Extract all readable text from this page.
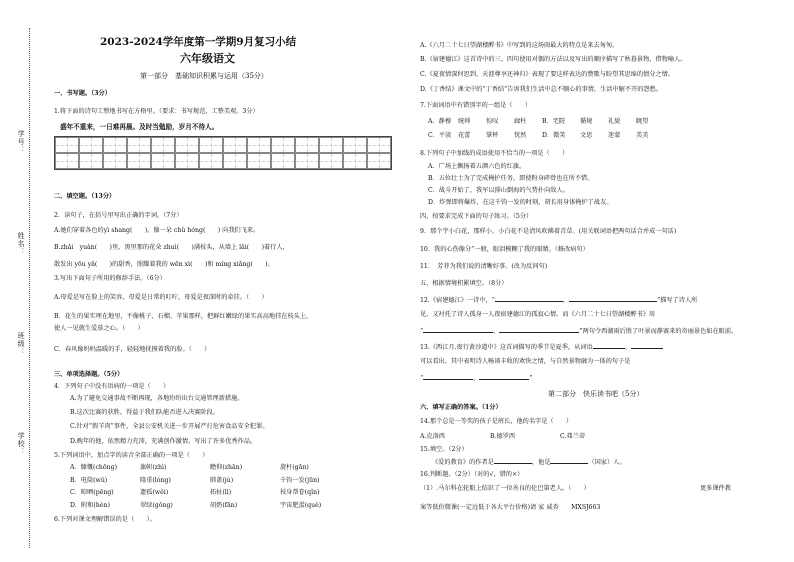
学号：
姓名：
班级：
学校：
2023-2024学年度第一学期9月复习小结
六年级语文
第一部分　基础知识积累与运用（35分）
一、书写题。（3分）
1.将下面的诗句工整地书写在方格里。（要求：书写规范、工整美观。3分）
盛年不重来，一日难再晨。及时当勉励，岁月不待人。
二、填空题。（13分）
2．读句子，在括号里写出正确的字词。（7分）
A.她们穿着各色的yì shang(　　)，像一朵 chǔ hóng(　　) 向我们飞来。
B.zhǎi　yuàn(　　)里，黑里那的花朵 zhuì(　　)满枝头，从墙上 lǎi(　　)着行人，
散发出 yōu yǎ(　　)的甜香，照耀着我的 wēn xì(　　)和 míng xiǎng(　　)。
3.写出下面句子所用的修辞手法。（6分）
A.母爱是写在脸上的笑容，母爱是日常的叮咛，母爱是夜深时的牵挂。（　　）
B．花生的果实埋在地里，不像桃子、石榴、苹果那样，把鲜红嫩绿的果实高高地挂在枝头上，
使人一见就生爱慕之心。（　　）
C．春风像妈妈温暖的手，轻轻地抚摸着我的脸。（　　）
三、单项选择题。（5分）
4．下列句子中没有语病的一项是（　　）
A.为了避免交通事故不断再现，各地纷纷出台交通管理新措施。
B.这次比赛的获胜，得益于我们队能否进入决赛阶段。
C.针对“假羊肉”事件，全县公安机关进一步开展严打危害食品安全犯罪。
D.晚年的他，依然精力充沛，充满创作激情，写出了许多优秀作品。
5.下列词语中，加点字的读音全部正确的一项是（　　）
A．慷慨(chōng)	旗帜(zhì)	瞻仰(zhān)	旋杆(gān)
B．电筒(wǔ)	隆重(lóng)	肺盖(jù)	千钧一发(jūn)
C．晾晒(pēng)	遗孤(wěi)	拓扯(lì)	枝身帮眷(qǐn)
D．附和(hèn)	翠绿(gǒng)	胡奶(fān)	宇宙肥蛋(què)
6.下列对课文理解错误的是（　　）。
A.《六月二十七日望湖楼醉书》中写到的这场雨最大的特点是来去匆匆。
B.《宿建德江》这首诗中的三、四句使用对偶的方法以及写出的顺序描写了秋暮景物，借物喻人。
C.《夏夜情深何思到，天涯尊享还神归》表现了要这样表达的赞歌与盼望其思绵的情分之情。
D.《丁香结》课文中的“丁香结”告诉我们生活中总不顺心的事情，生活中解不开的怨愁。
7.下面词语中有错别字的一组是（　　）
A．静穆 统帅	惊叹	廊柱	B．宅院 循规	礼貌	眺望
C．平淡 花蕾	掌杯	恍然	D．微笑 文思	迷蒙	美美
8.下列句子中加线的成语使用不恰当的一项是（　　）
A．广场上飘扬着五颜六色的红旗。
B．五位壮士为了完成掩护任务，即使粉身碎骨也在所不惜。
C．战斗开始了，我军以排山倒海的气势扑向敌人。
D．炸弹即将爆炸，在这千钧一发的时刻，胡长用身体掩护了战友。
四、按要求完成下面的句子练习。（5分）
9．那个宇小白花，那样小，小白花不是清风吹拂着青草。(用关联词语把两句话合并成一句话)
10．我的心伤像分“一般，眼泪模糊了我的眼睛。（修改病句）
11．　芳菲为我们说的清晰好事。(改为反问句)
五、根据情境积累填空。（8分）
12.《宿建德江》一诗中，“	，	”描写了诗人所
见，又衬托了诗人孤身一人夜宿建德江的孤寂心情。而《六月二十七日望湖楼醉书》用
“	，	”两句令西湖雨后胜了叶景而静赛来的奇丽景色如在眼前。
13.《西江月.夜行黄沙道中》这首词描写的季节是夏季，从词语	、
可以看出，其中表明诗人畅谈丰收的欢快之情，与自然景物融为一体的句子是
“	，	”
第二部分　快乐读书吧（5分）
六、填写正确的答案。（1分）
14.那个总是一等奖的孩子是班长，他的名字是（　　）
A.克洛西	B.德罗西	C.弗兰蒂
15.填空。（2分）
《爱的教育》的作者是	，他是	（国家）人。
16.判断题。（2分）（对的√，错的×）
（1）.马尔科在轮船上结识了一位善良的伦巴第老人。（　　）	更多课件教
案等低价微课(一定远低于各大平台价格)请 家 威杏　　MXSJ663
